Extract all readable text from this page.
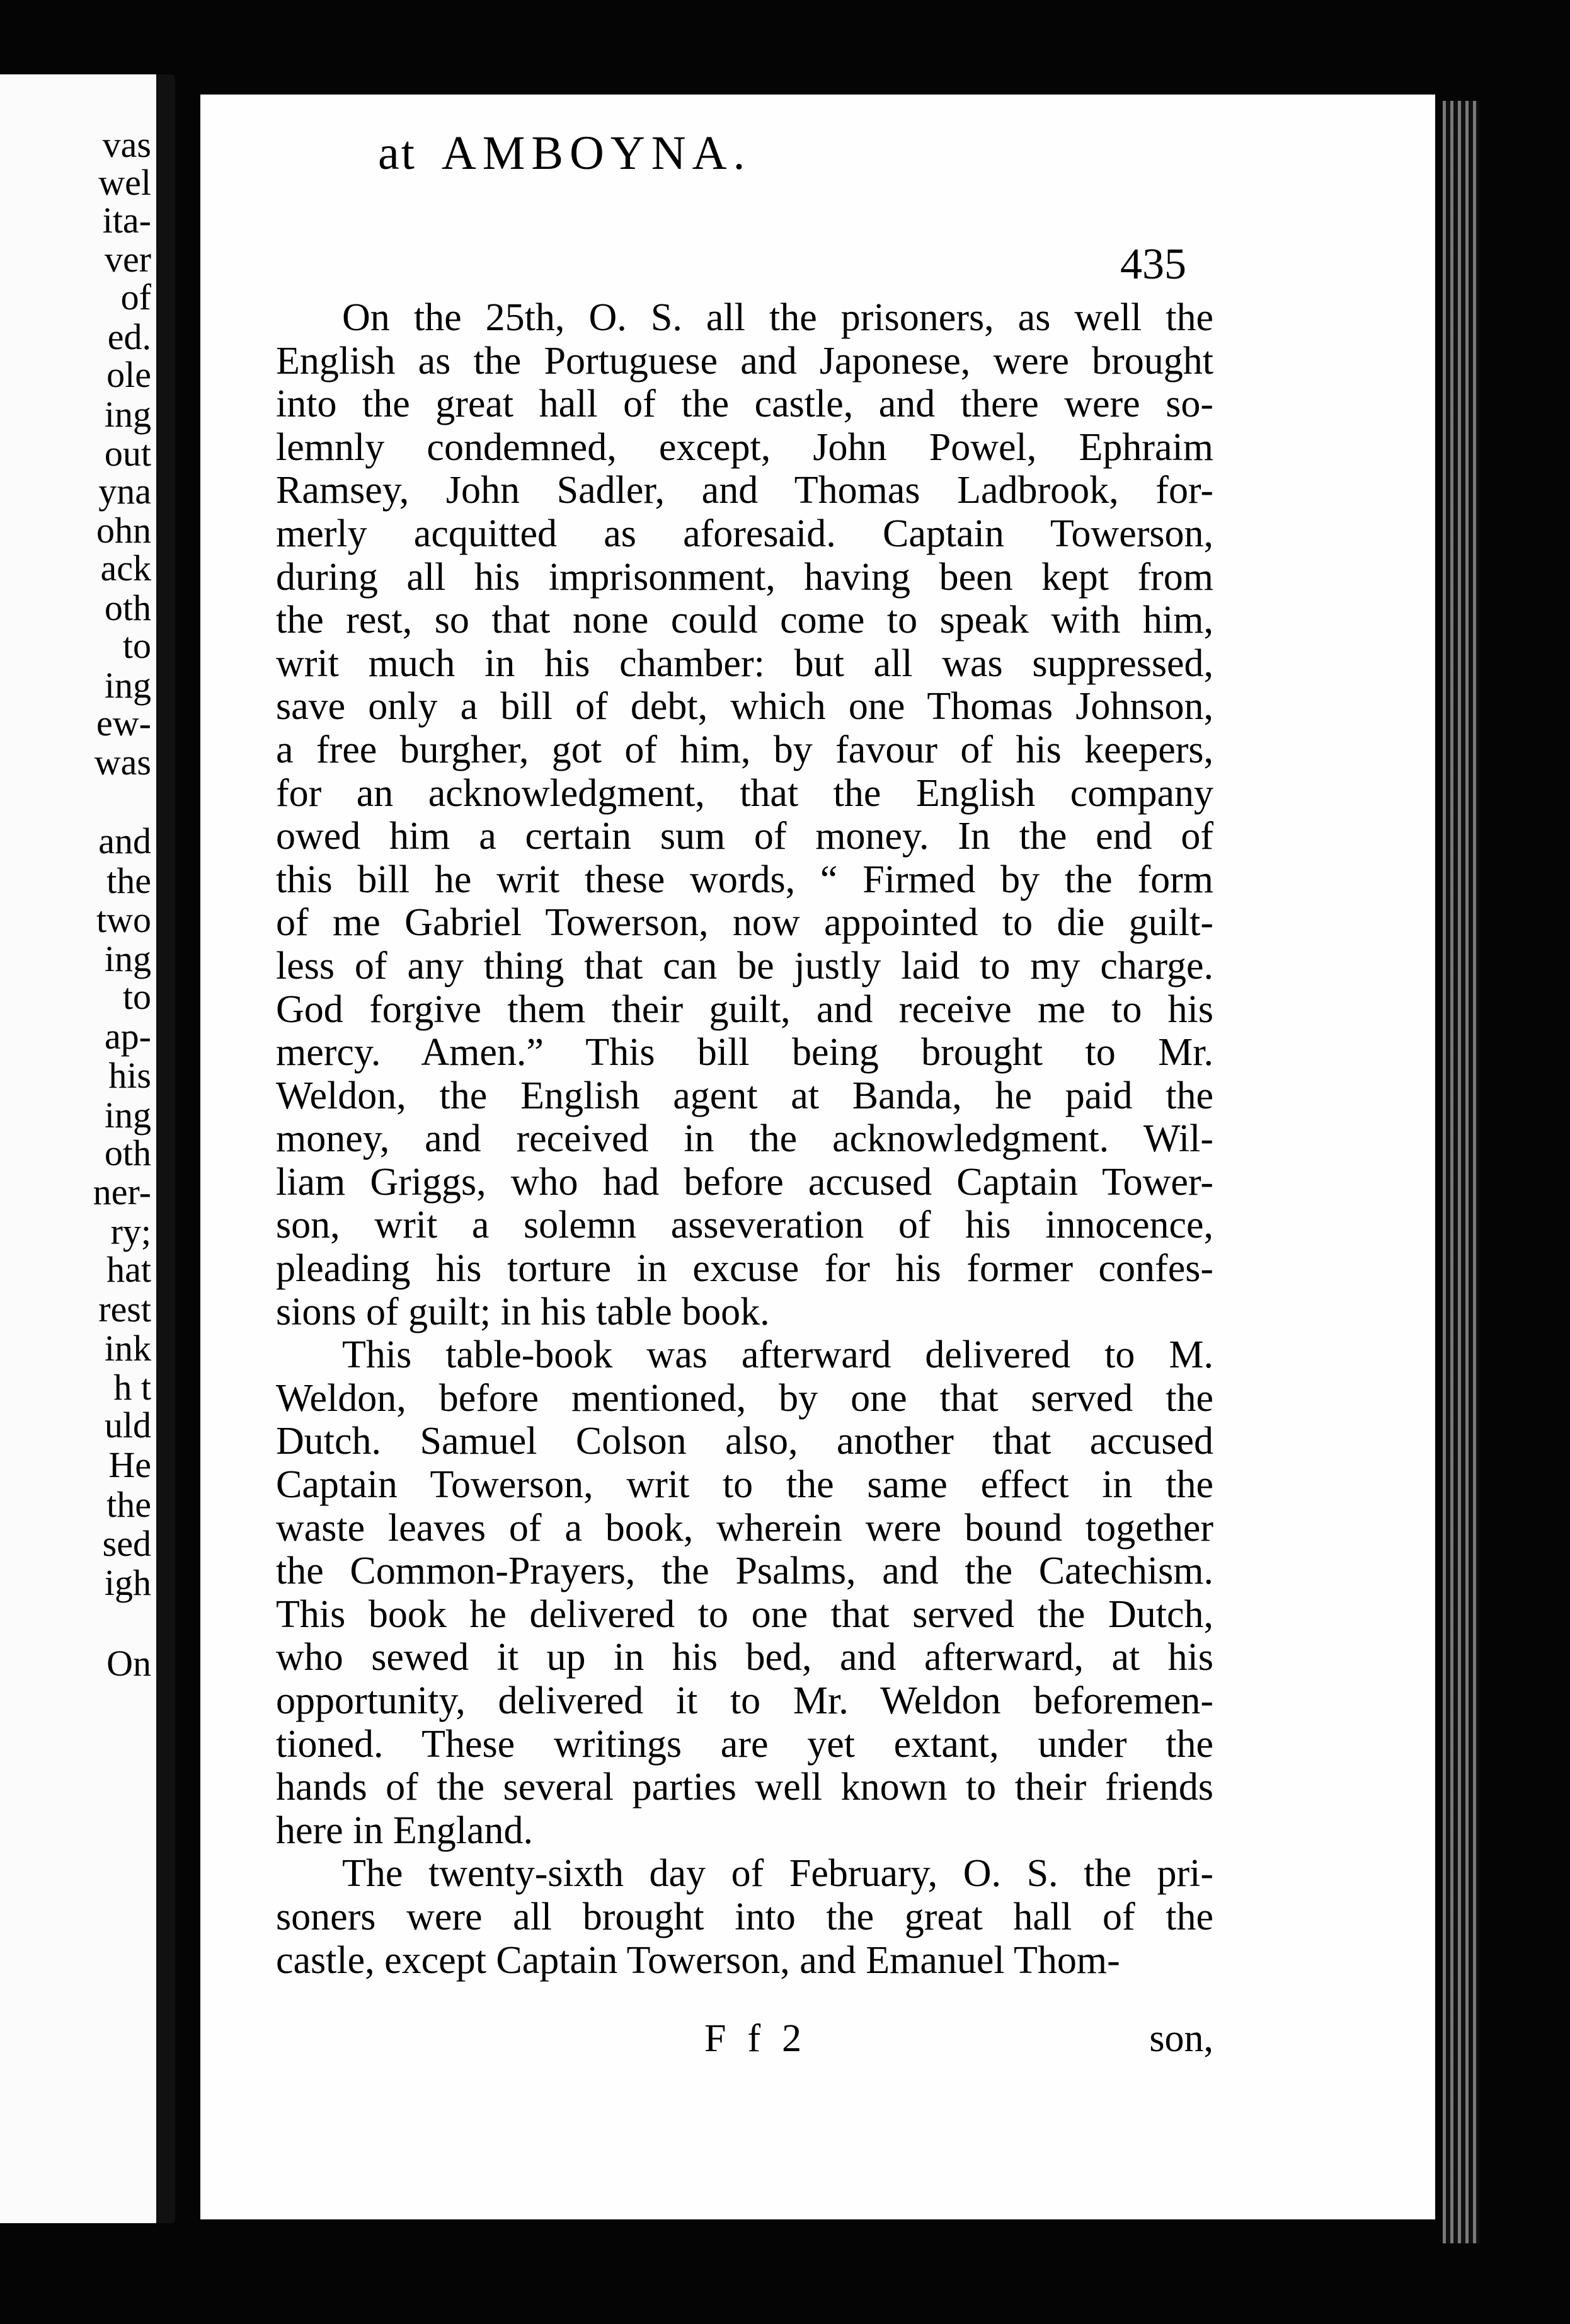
vas
wel
ita-
ver
of
ed.
ole
ing
out
yna
ohn
ack
oth
to
ing
ew-
was
and
the
two
ing
to
ap-
his
ing
oth
ner-
ry;
hat
rest
ink
h t
uld
He
the
sed
igh
On
at AMBOYNA.
435
On the 25th, O. S. all the prisoners, as well the
English as the Portuguese and Japonese, were brought
into the great hall of the castle, and there were so-
lemnly condemned, except, John Powel, Ephraim
Ramsey, John Sadler, and Thomas Ladbrook, for-
merly acquitted as aforesaid. Captain Towerson,
during all his imprisonment, having been kept from
the rest, so that none could come to speak with him,
writ much in his chamber: but all was suppressed,
save only a bill of debt, which one Thomas Johnson,
a free burgher, got of him, by favour of his keepers,
for an acknowledgment, that the English company
owed him a certain sum of money. In the end of
this bill he writ these words, “ Firmed by the form
of me Gabriel Towerson, now appointed to die guilt-
less of any thing that can be justly laid to my charge.
God forgive them their guilt, and receive me to his
mercy. Amen.” This bill being brought to Mr.
Weldon, the English agent at Banda, he paid the
money, and received in the acknowledgment. Wil-
liam Griggs, who had before accused Captain Tower-
son, writ a solemn asseveration of his innocence,
pleading his torture in excuse for his former confes-
sions of guilt; in his table book.
This table-book was afterward delivered to M.
Weldon, before mentioned, by one that served the
Dutch. Samuel Colson also, another that accused
Captain Towerson, writ to the same effect in the
waste leaves of a book, wherein were bound together
the Common-Prayers, the Psalms, and the Catechism.
This book he delivered to one that served the Dutch,
who sewed it up in his bed, and afterward, at his
opportunity, delivered it to Mr. Weldon beforemen-
tioned. These writings are yet extant, under the
hands of the several parties well known to their friends
here in England.
The twenty-sixth day of February, O. S. the pri-
soners were all brought into the great hall of the
castle, except Captain Towerson, and Emanuel Thom-
Ff2	son,
